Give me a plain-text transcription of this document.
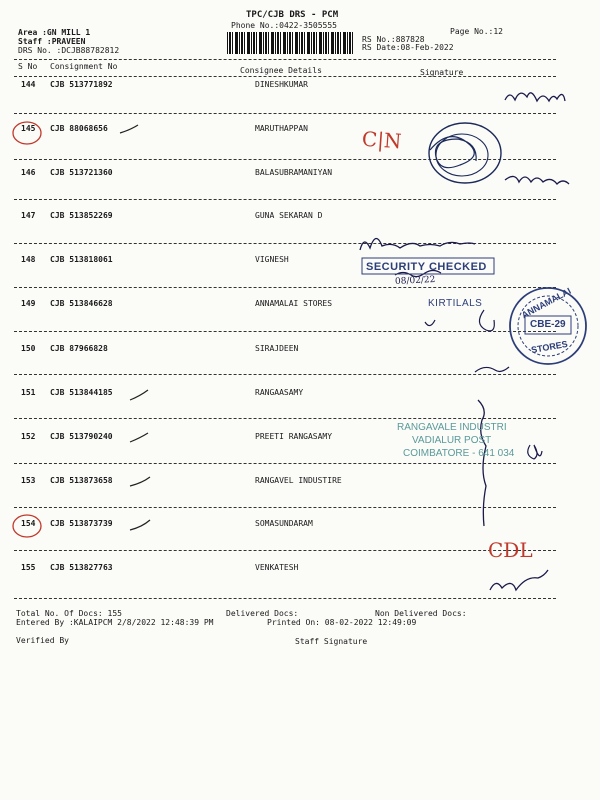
TPC/CJB DRS - PCM
Phone No.:0422-3505555
Area :GN MILL 1
Staff :PRAVEEN
DRS No. :DCJB88782812
Page No.:12
RS No.:887828
RS Date:08-Feb-2022
S No Consignment No	Consignee Details	Signature
144 CJB 513771892	DINESHKUMAR
145 CJB 88068656	MARUTHAPPAN
146 CJB 513721360	BALASUBRAMANIYAN
147 CJB 513852269	GUNA SEKARAN D
148 CJB 513818061	VIGNESH
149 CJB 513846628	ANNAMALAI STORES
150 CJB 87966828	SIRAJDEEN
151 CJB 513844185	RANGAASAMY
152 CJB 513790240	PREETI RANGASAMY
153 CJB 513873658	RANGAVEL INDUSTIRE
154 CJB 513873739	SOMASUNDARAM
155 CJB 513827763	VENKATESH
Total No. Of Docs: 155	Delivered Docs:	Non Delivered Docs:
Entered By :KALAIPCM 2/8/2022 12:48:39 PM	Printed On: 08-02-2022 12:49:09
Verified By	Staff Signature
C|N
CDL
SECURITY CHECKED
08/02/22
KIRTILALS	ANNAMALAI
CBE-29
STORES
RANGAVALE INDUSTRI
VADIALUR POST
COIMBATORE - 641 034
